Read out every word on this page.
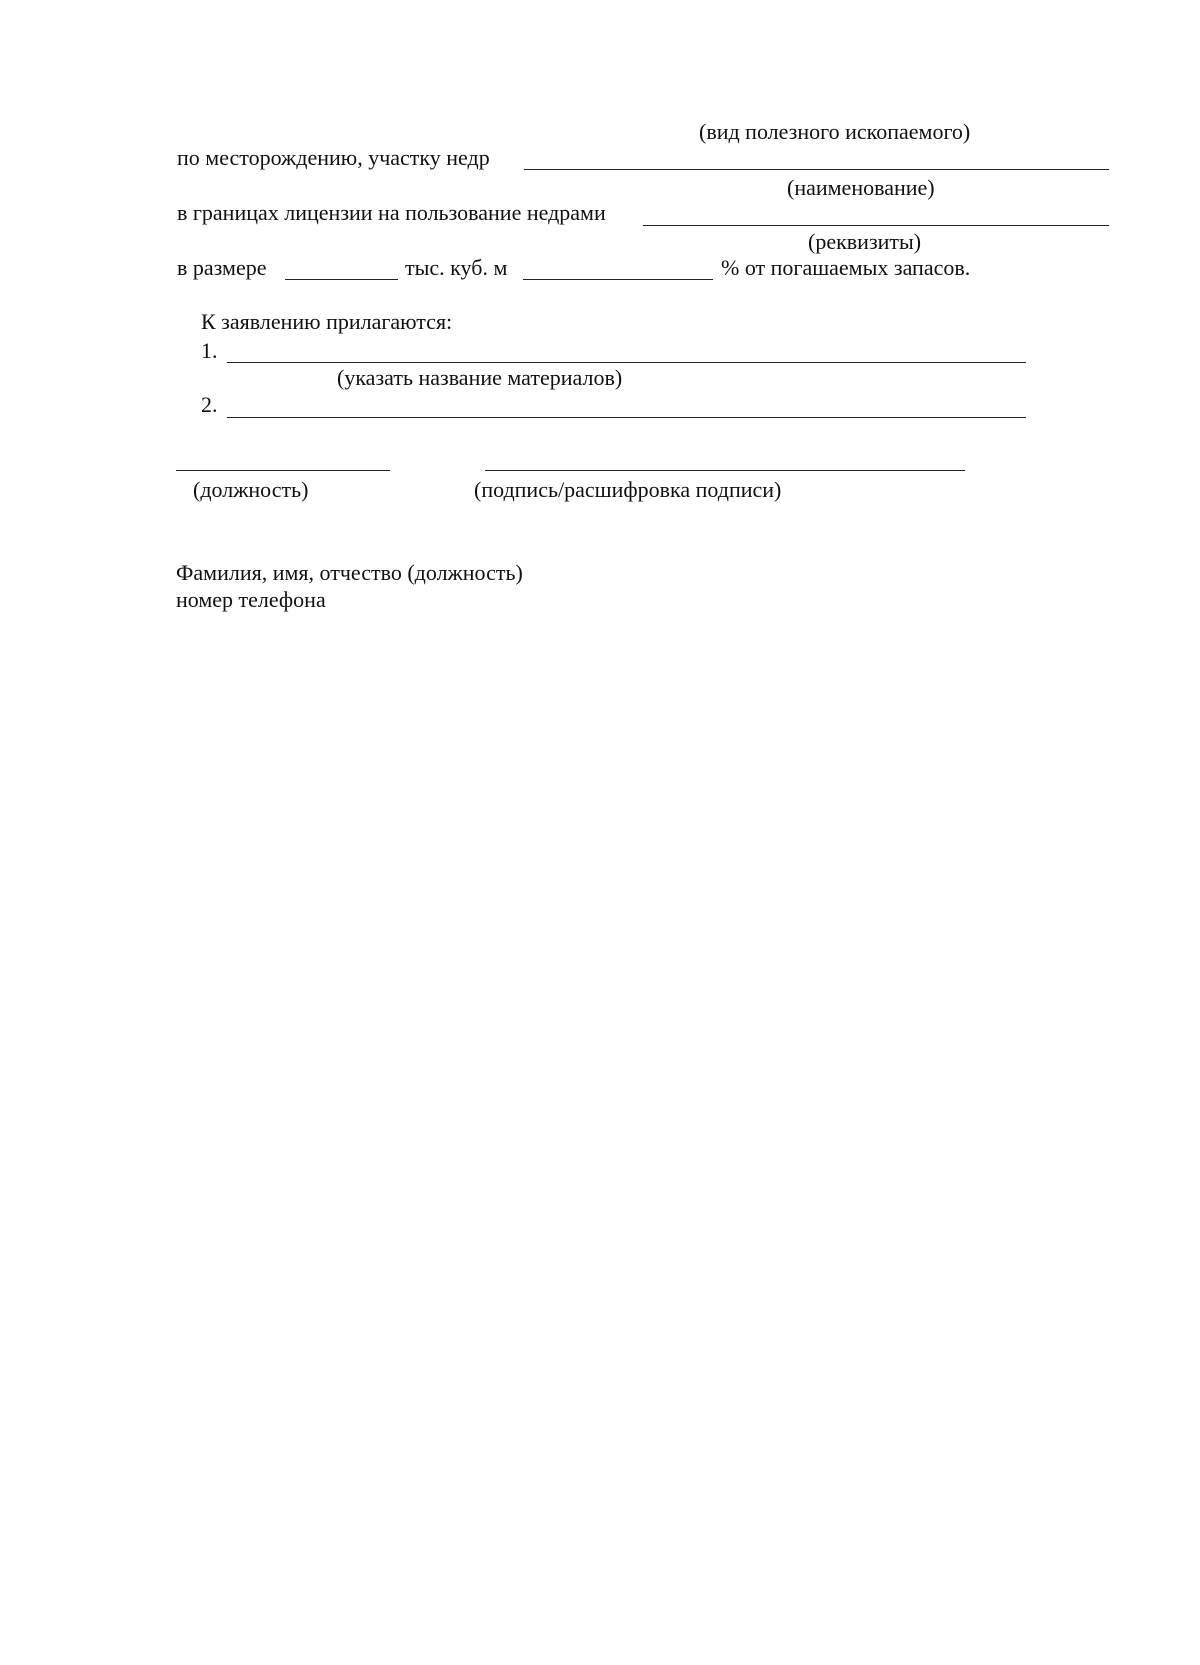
(вид полезного ископаемого)
по месторождению, участку недр
(наименование)
в границах лицензии на пользование недрами
(реквизиты)
в размере	тыс. куб. м	% от погашаемых запасов.
К заявлению прилагаются:
1.
(указать название материалов)
2.
(должность)	(подпись/расшифровка подписи)
Фамилия, имя, отчество (должность)
номер телефона
